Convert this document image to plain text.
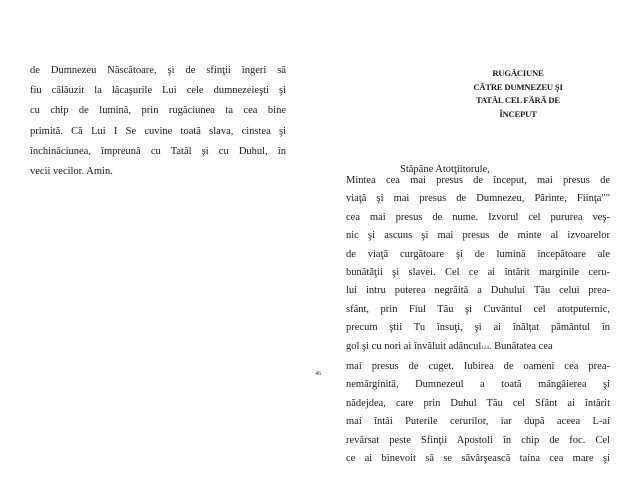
de Dumnezeu Născătoare, şi de sfinţii îngeri să
fiu călăuzit la lăcaşurile Lui cele dumnezeieşti şi
cu chip de lumină, prin rugăciunea ta cea bine
primită. Că Lui I Se cuvine toată slava, cinstea şi
închinăciunea, împreună cu Tatăl şi cu Duhul, în
vecii vecilor. Amin.
RUGĂCIUNE
CĂTRE DUMNEZEU ŞI
TATĂL CEL FĂRĂ DE
ÎNCEPUT
Stăpâne Atotţiitorule,
Mintea cea mai presus de început, mai presus de
viaţă şi mai presus de Dumnezeu, Părinte, Fiinţa""
cea mai presus de nume. Izvorul cel pururea veş-
nic şi ascuns şi mai presus de minte al izvoarelor
de viaţă curgătoare şi de lumină începătoare ale
bunătăţii şi slavei. Cel ce ai întărit marginile ceru-
lui intru puterea negrăită a Duhului Tău celui prea-
sfânt, prin Fiul Tău şi Cuvântul cel atotputernic,
precum ştii Tu însuţi, şi ai înălţat pământul în
gol şi cu nori ai învăluit adâncul124. Bunătatea cea
mai presus de cuget. Iubirea de oameni cea prea-
nemărginită, Dumnezeul a toată mângâierea şi
nădejdea, care prin Duhul Tău cel Sfânt ai întărit
mai întâi Puterile cerurilor, iar după aceea L-ai
revărsat peste Sfinţii Apostoli în chip de foc. Cel
ce ai binevoit să se săvârşească taina cea mare şi
46
